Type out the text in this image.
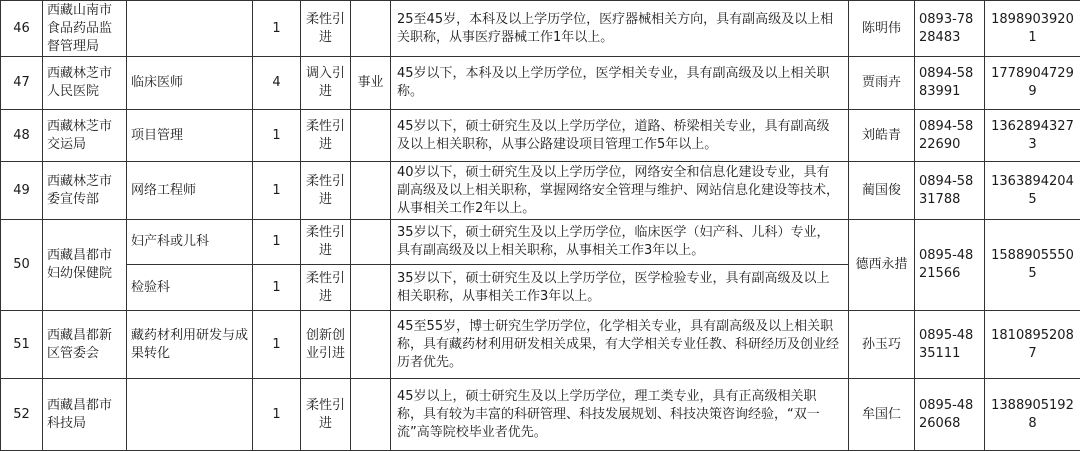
46	西藏山南市食品药品监督管理局		1	柔性引进		25至45岁，本科及以上学历学位，医疗器械相关方向，具有副高级及以上相关职称，从事医疗器械工作1年以上。	陈明伟	0893-7828483	18989039201
47	西藏林芝市人民医院	临床医师	4	调入引进	事业	45岁以下，本科及以上学历学位，医学相关专业，具有副高级及以上相关职称。	贾雨卉	0894-5883991	17789047299
48	西藏林芝市交运局	项目管理	1	柔性引进		45岁以下，硕士研究生及以上学历学位，道路、桥梁相关专业，具有副高级及以上相关职称，从事公路建设项目管理工作5年以上。	刘皓青	0894-5822690	13628943273
49	西藏林芝市委宣传部	网络工程师	1	柔性引进		40岁以下，硕士研究生及以上学历学位，网络安全和信息化建设专业，具有副高级及以上相关职称，掌握网络安全管理与维护、网站信息化建设等技术，从事相关工作2年以上。	蔺国俊	0894-5831788	13638942045
50	西藏昌都市妇幼保健院	妇产科或儿科	1	柔性引进		35岁以下，硕士研究生及以上学历学位，临床医学（妇产科、儿科）专业，具有副高级及以上相关职称，从事相关工作3年以上。	德西永措	0895-4821566	15889055505
		检验科	1	柔性引进		35岁以下，硕士研究生及以上学历学位，医学检验专业，具有副高级及以上相关职称，从事相关工作3年以上。			
51	西藏昌都新区管委会	藏药材利用研发与成果转化	1	创新创业引进		45至55岁，博士研究生学历学位，化学相关专业，具有副高级及以上相关职称，具有藏药材利用研发相关成果，有大学相关专业任教、科研经历及创业经历者优先。	孙玉巧	0895-4835111	18108952087
52	西藏昌都市科技局		1	柔性引进		45岁以上，硕士研究生及以上学历学位，理工类专业，具有正高级相关职称，具有较为丰富的科研管理、科技发展规划、科技决策咨询经验，“双一流”高等院校毕业者优先。	牟国仁	0895-4826068	13889051928
